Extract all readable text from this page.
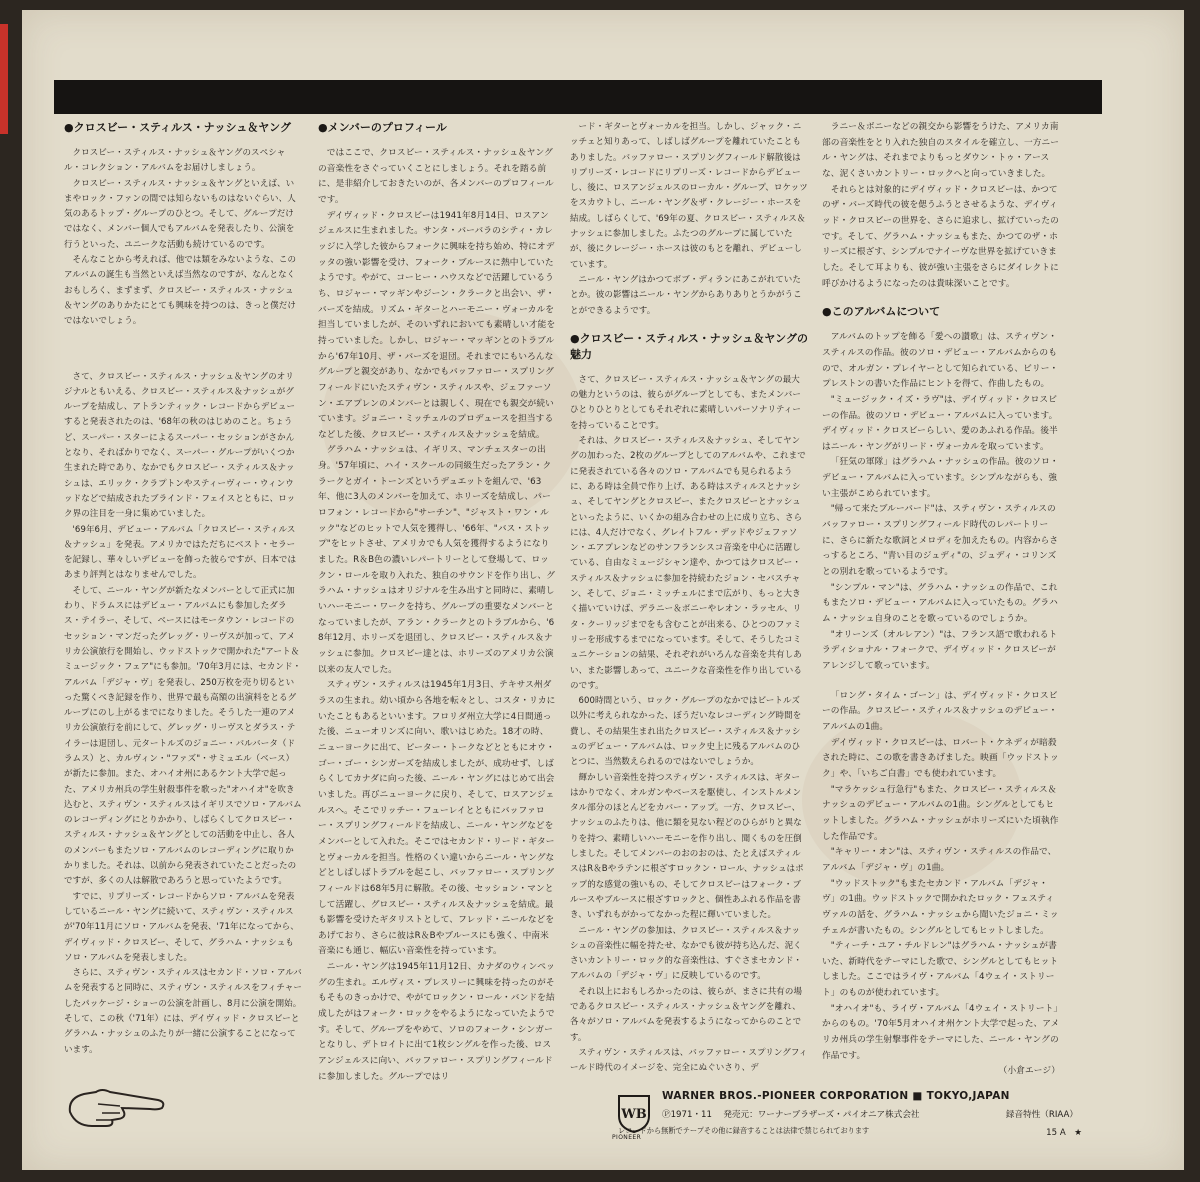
●クロスビー・スティルス・ナッシュ＆ヤング

クロスビー・スティルス・ナッシュ＆ヤングのスペシャル・コレクション・アルバムをお届けしましょう。

クロスビー・スティルス・ナッシュ＆ヤングといえば、いまやロック・ファンの間では知らないものはないぐらい、人気のあるトップ・グループのひとつ。そして、グループだけではなく、メンバー個人でもアルバムを発表したり、公演を行うといった、ユニークな活動も続けているのです。

そんなことから考えれば、他では類をみないような、このアルバムの誕生も当然といえば当然なのですが、なんとなくおもしろく、まずまず、クロスビー・スティルス・ナッシュ＆ヤングのありかたにとても興味を持つのは、きっと僕だけではないでしょう。

さて、クロスビー・スティルス・ナッシュ＆ヤングのオリジナルともいえる、クロスビー・スティルス＆ナッシュがグループを結成し、アトランティック・レコードからデビューすると発表されたのは、'68年の秋のはじめのこと。ちょうど、スーパー・スターによるスーパー・セッションがさかんとなり、そればかりでなく、スーパー・グループがいくつか生まれた時であり、なかでもクロスビー・スティルス＆ナッシュは、エリック・クラプトンやスティーヴィー・ウィンウッドなどで結成されたブラインド・フェイスとともに、ロック界の注目を一身に集めていました。

'69年6月、デビュー・アルバム「クロスビー・スティルス＆ナッシュ」を発表。アメリカではただちにベスト・セラーを記録し、華々しいデビューを飾った彼らですが、日本ではあまり評判とはなりませんでした。

そして、ニール・ヤングが新たなメンバーとして正式に加わり、ドラムスにはデビュー・アルバムにも参加したダラス・テイラー、そして、ベースにはモータウン・レコードのセッション・マンだったグレッグ・リーヴスが加って、アメリカ公演旅行を開始し、ウッドストックで開かれた"アート＆ミュージック・フェア"にも参加。'70年3月には、セカンド・アルバム「デジャ・ヴ」を発表し、250万枚を売り切るといった驚くべき記録を作り、世界で最も高額の出演料をとるグループにのし上がるまでになりました。そうした一連のアメリカ公演旅行を前にして、グレッグ・リーヴスとダラス・テイラーは退団し、元タートルズのジョニー・バルバータ（ドラムス）と、カルヴィン・"ファズ"・サミュエル（ベース）が新たに参加。また、オハイオ州にあるケント大学で起った、アメリカ州兵の学生射殺事件を歌った"オハイオ"を吹き込むと、スティヴン・スティルスはイギリスでソロ・アルバムのレコーディングにとりかかり、しばらくしてクロスビー・スティルス・ナッシュ＆ヤングとしての活動を中止し、各人のメンバーもまたソロ・アルバムのレコーディングに取りかかりました。それは、以前から発表されていたことだったのですが、多くの人は解散であろうと思っていたようです。

すでに、リプリーズ・レコードからソロ・アルバムを発表しているニール・ヤングに続いて、スティヴン・スティルスが'70年11月にソロ・アルバムを発表、'71年になってから、デイヴィッド・クロスビー、そして、グラハム・ナッシュもソロ・アルバムを発表しました。

さらに、スティヴン・スティルスはセカンド・ソロ・アルバムを発表すると同時に、スティヴン・スティルスをフィチャーしたパッケージ・ショーの公演を計画し、8月に公演を開始。そして、この秋（'71年）には、デイヴィッド・クロスビーとグラハム・ナッシュのふたりが一緒に公演することになっています。

●メンバーのプロフィール

ではここで、クロスビー・スティルス・ナッシュ＆ヤングの音楽性をさぐっていくことにしましょう。それを踏る前に、是非紹介しておきたいのが、各メンバーのプロフィールです。

デイヴィッド・クロスビーは1941年8月14日、ロスアンジェルスに生まれました。サンタ・バーバラのシティ・カレッジに入学した彼からフォークに興味を持ち始め、特にオデッタの強い影響を受け、フォーク・ブルースに熱中していたようです。やがて、コーヒー・ハウスなどで活躍しているうち、ロジャー・マッギンやジーン・クラークと出会い、ザ・バーズを結成。リズム・ギターとハーモニー・ヴォーカルを担当していましたが、そのいずれにおいても素晴しい才能を持っていました。しかし、ロジャー・マッギンとのトラブルから'67年10月、ザ・バーズを退団。それまでにもいろんなグループと親交があり、なかでもバッファロー・スプリングフィールドにいたスティヴン・スティルスや、ジェファーソン・エアプレンのメンバーとは親しく、現在でも親交が続いています。ジョニー・ミッチェルのプロデュースを担当するなどした後、クロスビー・スティルス＆ナッシュを結成。

グラハム・ナッシュは、イギリス、マンチェスターの出身。'57年頃に、ハイ・スクールの同級生だったアラン・クラークとガイ・トーンズというデュエットを組んで、'63年、他に3人のメンバーを加えて、ホリーズを結成し、パーロフォン・レコードから"サーチン"、"ジャスト・ワン・ルック"などのヒットで人気を獲得し、'66年、"バス・ストップ"をヒットさせ、アメリカでも人気を獲得するようになりました。R＆B色の濃いレパートリーとして登場して、ロックン・ロールを取り入れた、独自のサウンドを作り出し、グラハム・ナッシュはオリジナルを生み出すと同時に、素晴しいハーモニー・ワークを持ち、グループの重要なメンバーとなっていましたが、アラン・クラークとのトラブルから、'68年12月、ホリーズを退団し、クロスビー・スティルス＆ナッシュに参加。クロスビー達とは、ホリーズのアメリカ公演以来の友人でした。

スティヴン・スティルスは1945年1月3日、テキサス州ダラスの生まれ。幼い頃から各地を転々とし、コスタ・リカにいたこともあるといいます。フロリダ州立大学に4日間通った後、ニューオリンズに向い、歌いはじめた。18才の時、ニューヨークに出て、ピーター・トークなどとともにオウ・ゴー・ゴー・シンガーズを結成しましたが、成功せず、しばらくしてカナダに向った後、ニール・ヤングにはじめて出会いました。再びニューヨークに戻り、そして、ロスアンジェルスへ。そこでリッチー・フューレイとともにバッファロー・スプリングフィールドを結成し、ニール・ヤングなどをメンバーとして入れた。そこではセカンド・リード・ギターとヴォーカルを担当。性格のくい違いからニール・ヤングなどとしばしばトラブルを起こし、バッファロー・スプリングフィールドは68年5月に解散。その後、セッション・マンとして活躍し、グロスビー・スティルス＆ナッシュを結成。最も影響を受けたギタリストとして、フレッド・ニールなどをあげており、さらに彼はR＆Bやブルースにも強く、中南米音楽にも通じ、幅広い音楽性を持っています。

ニール・ヤングは1945年11月12日、カナダのウィンペッグの生まれ。エルヴィス・プレスリーに興味を持ったのがそもそものきっかけで、やがてロックン・ロール・バンドを結成したがはフォーク・ロックをやるようになっていたようです。そして、グループをやめて、ソロのフォーク・シンガーとなりし、デトロイトに出て1枚シングルを作った後、ロスアンジェルスに向い、バッファロー・スプリングフィールドに参加しました。グループではリ

ード・ギターとヴォーカルを担当。しかし、ジャック・ニッチェと知りあって、しばしばグループを離れていたこともありました。バッファロー・スプリングフィールド解散後はリプリーズ・レコードにリプリーズ・レコードからデビューし、後に、ロスアンジェルスのローカル・グループ、ロケッツをスカウトし、ニール・ヤング＆ザ・クレージー・ホースを結成。しばらくして、'69年の夏、クロスビー・スティルス＆ナッシュに参加しました。ふたつのグループに属していたが、後にクレージー・ホースは彼のもとを離れ、デビューしています。

ニール・ヤングはかつてボブ・ディランにあこがれていたとか。彼の影響はニール・ヤングからありありとうかがうことができるようです。

●クロスビー・スティルス・ナッシュ＆ヤングの魅力

さて、クロスビー・スティルス・ナッシュ＆ヤングの最大の魅力というのは、彼らがグループとしても、またメンバーひとりひとりとしてもそれぞれに素晴しいパーソナリティーを持っていることです。

それは、クロスビー・スティルス＆ナッシュ、そしてヤングの加わった、2枚のグループとしてのアルバムや、これまでに発表されている各々のソロ・アルバムでも見られるように、ある時は全員で作り上げ、ある時はスティルスとナッシュ、そしてヤングとクロスビー、またクロスビーとナッシュといったように、いくかの組み合わせの上に成り立ち、さらには、4人だけでなく、グレイトフル・デッドやジェファソン・エアプレンなどのサンフランシスコ音楽を中心に活躍している、自由なミュージシャン達や、かつてはクロスビー・スティルス＆ナッシュに参加を持続わたジョン・セバスチャン、そして、ジョニ・ミッチェルにまで広がり、もっと大きく描いていけば、デラニー＆ボニーやレオン・ラッセル、リタ・クーリッジまでをも含むことが出来る、ひとつのファミリーを形成するまでになっています。そして、そうしたコミュニケーションの結果、それぞれがいろんな音楽を共有しあい、また影響しあって、ユニークな音楽性を作り出しているのです。

600時間という、ロック・グループのなかではビートルズ以外に考えられなかった、ぼうだいなレコーディング時間を費し、その結果生まれ出たクロスビー・スティルス＆ナッシュのデビュー・アルバムは、ロック史上に残るアルバムのひとつに、当然数えられるのではないでしょうか。

輝かしい音楽性を持つスティヴン・スティルスは、ギターはかりでなく、オルガンやベースを駆使し、インストルメンタル部分のほとんどをカバー・アップ。一方、クロスビー、ナッシュのふたりは、他に類を見ない程どのひらがりと異なりを持つ、素晴しいハーモニーを作り出し、聞くものを圧倒しました。そしてメンバーのおのおのは、たとえばスティルスはR＆Bやラテンに根ざすロックン・ロール、ナッシュはポップ的な感覚の強いもの、そしてクロスビーはフォーク・ブルースやブルースに根ざすロックと、個性あふれる作品を書き、いずれもがかってなかった程に輝いていました。

ニール・ヤングの参加は、クロスビー・スティルス＆ナッシュの音楽性に幅を持たせ、なかでも彼が持ち込んだ、泥くさいカントリー・ロック的な音楽性は、すぐさまセカンド・アルバムの「デジャ・ヴ」に反映しているのです。

それ以上におもしろかったのは、彼らが、まさに共有の場であるクロスビー・スティルス・ナッシュ＆ヤングを離れ、各々がソロ・アルバムを発表するようになってからのことです。

スティヴン・スティルスは、バッファロー・スプリングフィールド時代のイメージを、完全にぬぐいさり、デ

ラニー＆ボニーなどの親交から影響をうけた、アメリカ南部の音楽性をとり入れた独自のスタイルを確立し、一方ニール・ヤングは、それまでよりもっとダウン・トゥ・アースな、泥くさいカントリー・ロックへと向っていきました。

それらとは対象的にデイヴィッド・クロスビーは、かつてのザ・バーズ時代の彼を偲うふうとさせるような、デイヴィッド・クロスビーの世界を、さらに追求し、拡げていったのです。そして、グラハム・ナッシュもまた、かつてのザ・ホリーズに根ざす、シンプルでナイーヴな世界を拡げていきました。そして耳よりも、彼が強い主張をさらにダイレクトに呼びかけるようになったのは貴味深いことです。

●このアルバムについて

アルバムのトップを飾る「愛への讃歌」は、スティヴン・スティルスの作品。彼のソロ・デビュー・アルバムからのもので、オルガン・プレイヤーとして知られている、ビリー・プレストンの書いた作品にヒントを得て、作曲したもの。

"ミュージック・イズ・ラヴ"は、デイヴィッド・クロスビーの作品。彼のソロ・デビュー・アルバムに入っています。デイヴィッド・クロスビーらしい、愛のあふれる作品。後半はニール・ヤングがリード・ヴォーカルを取っています。

「狂気の軍隊」はグラハム・ナッシュの作品。彼のソロ・デビュー・アルバムに入っています。シンプルながらも、強い主張がこめられています。

"帰って来たブルーバード"は、スティヴン・スティルスのバッファロー・スプリングフィールド時代のレパートリーに、さらに新たな歌詞とメロディを加えたもの。内容からさっするところ、"青い目のジュディ"の、ジュディ・コリンズとの別れを歌っているようです。

"シンプル・マン"は、グラハム・ナッシュの作品で、これもまたソロ・デビュー・アルバムに入っていたもの。グラハム・ナッシュ自身のことを歌っているのでしょうか。

"オリーンズ（オルレアン）"は、フランス語で歌われるトラディショナル・フォークで、デイヴィッド・クロスビーがアレンジして歌っています。

「ロング・タイム・ゴーン」は、デイヴィッド・クロスビーの作品。クロスビー・スティルス＆ナッシュのデビュー・アルバムの1曲。

デイヴィッド・クロスビーは、ロバート・ケネディが暗殺された時に、この歌を書きあげました。映画「ウッドストック」や、「いちご白書」でも使われています。

"マラケッシュ行急行"もまた、クロスビー・スティルス＆ナッシュのデビュー・アルバムの1曲。シングルとしてもヒットしました。グラハム・ナッシュがホリーズにいた頃執作した作品です。

"キャリー・オン"は、スティヴン・スティルスの作品で、アルバム「デジャ・ヴ」の1曲。

"ウッドストック"もまたセカンド・アルバム「デジャ・ヴ」の1曲。ウッドストックで開かれたロック・フェスティヴァルの話を、グラハム・ナッシュから聞いたジョニ・ミッチェルが書いたもの。シングルとしてもヒットしました。

"ティーチ・ユア・チルドレン"はグラハム・ナッシュが書いた、新時代をテーマにした歌で、シングルとしてもヒットしました。ここではライヴ・アルバム「4ウェイ・ストリート」のものが使われています。

"オハイオ"も、ライヴ・アルバム「4ウェイ・ストリート」からのもの。'70年5月オハイオ州ケント大学で起った、アメリカ州兵の学生射撃事件をテーマにした、ニール・ヤングの作品です。

（小倉エージ）

WB
PIONEER
WARNER BROS.-PIONEER CORPORATION ■ TOKYO,JAPAN
Ⓟ1971・11　 発売元：ワーナーブラザーズ・パイオニア株式会社	録音特性（RIAA）
レコードから無断でテープその他に録音することは法律で禁じられております	15 A　★
